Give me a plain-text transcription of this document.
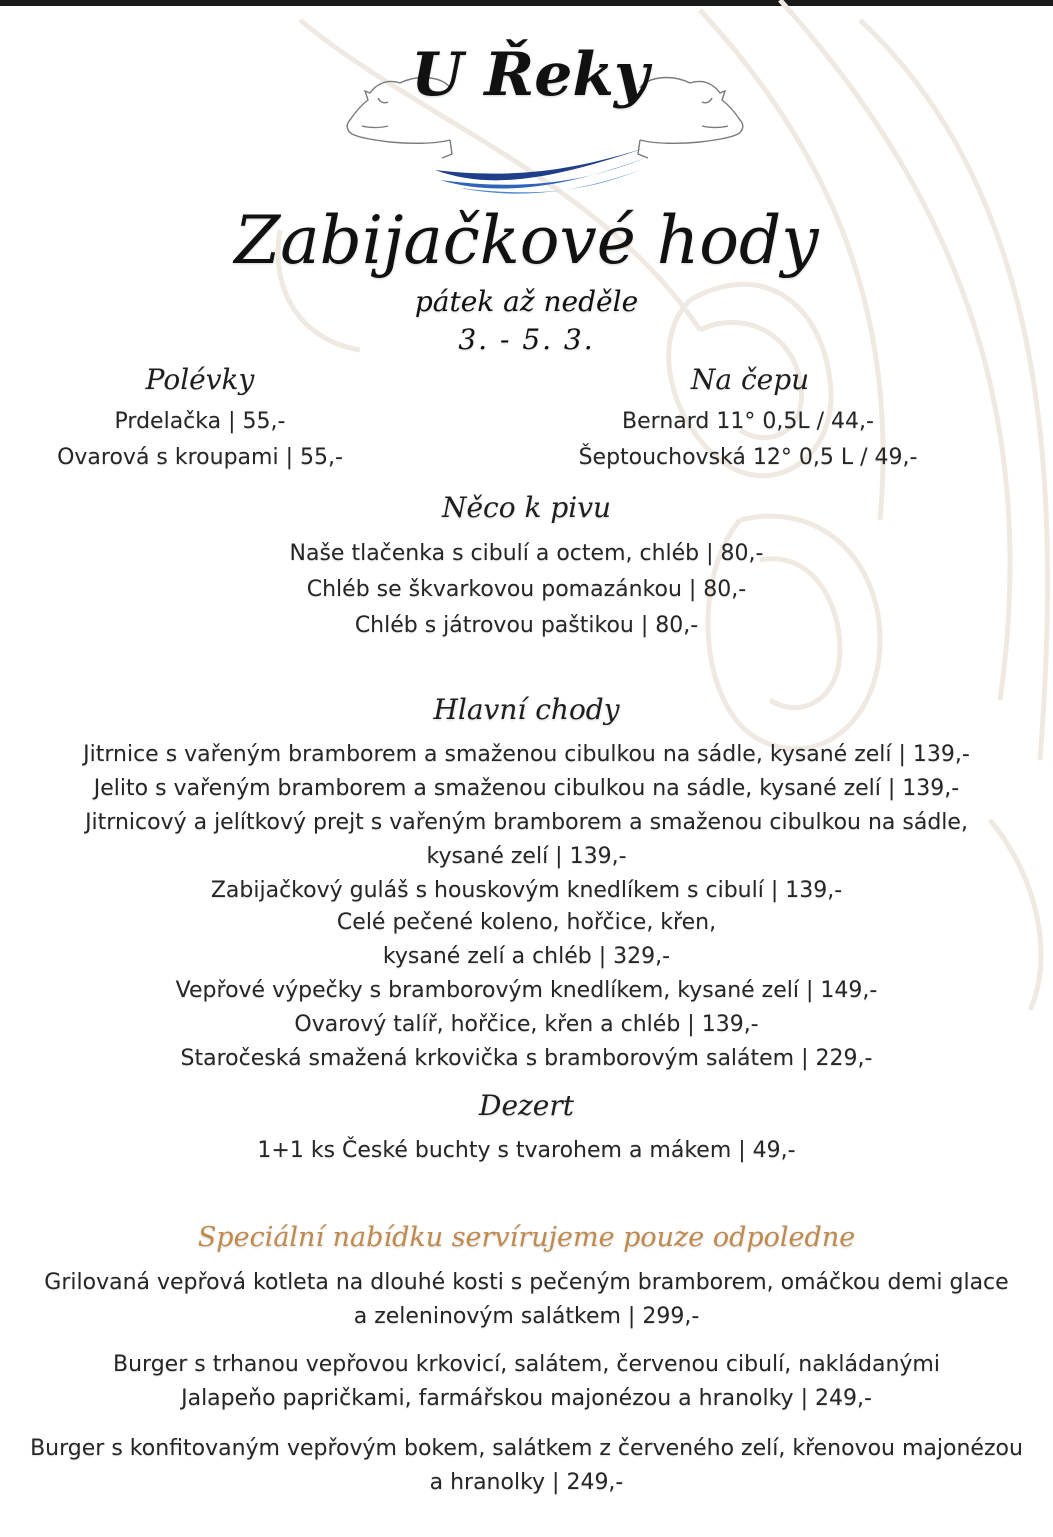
U Řeky
Zabijačkové hody
pátek až neděle
3. - 5. 3.
Polévky
Prdelačka | 55,-
Ovarová s kroupami | 55,-
Na čepu
Bernard 11° 0,5L / 44,-
Šeptouchovská 12° 0,5 L / 49,-
Něco k pivu
Naše tlačenka s cibulí a octem, chléb | 80,-
Chléb se škvarkovou pomazánkou | 80,-
Chléb s játrovou paštikou | 80,-
Hlavní chody
Jitrnice s vařeným bramborem a smaženou cibulkou na sádle, kysané zelí | 139,-
Jelito s vařeným bramborem a smaženou cibulkou na sádle, kysané zelí | 139,-
Jitrnicový a jelítkový prejt s vařeným bramborem a smaženou cibulkou na sádle,
kysané zelí | 139,-
Zabijačkový guláš s houskovým knedlíkem s cibulí | 139,-
Celé pečené koleno, hořčice, křen,
kysané zelí a chléb | 329,-
Vepřové výpečky s bramborovým knedlíkem, kysané zelí | 149,-
Ovarový talíř, hořčice, křen a chléb | 139,-
Staročeská smažená krkovička s bramborovým salátem | 229,-
Dezert
1+1 ks České buchty s tvarohem a mákem | 49,-
Speciální nabídku servírujeme pouze odpoledne
Grilovaná vepřová kotleta na dlouhé kosti s pečeným bramborem, omáčkou demi glace
a zeleninovým salátkem | 299,-
Burger s trhanou vepřovou krkovicí, salátem, červenou cibulí, nakládanými
Jalapeňo papričkami, farmářskou majonézou a hranolky | 249,-
Burger s konfitovaným vepřovým bokem, salátkem z červeného zelí, křenovou majonézou
a hranolky | 249,-
